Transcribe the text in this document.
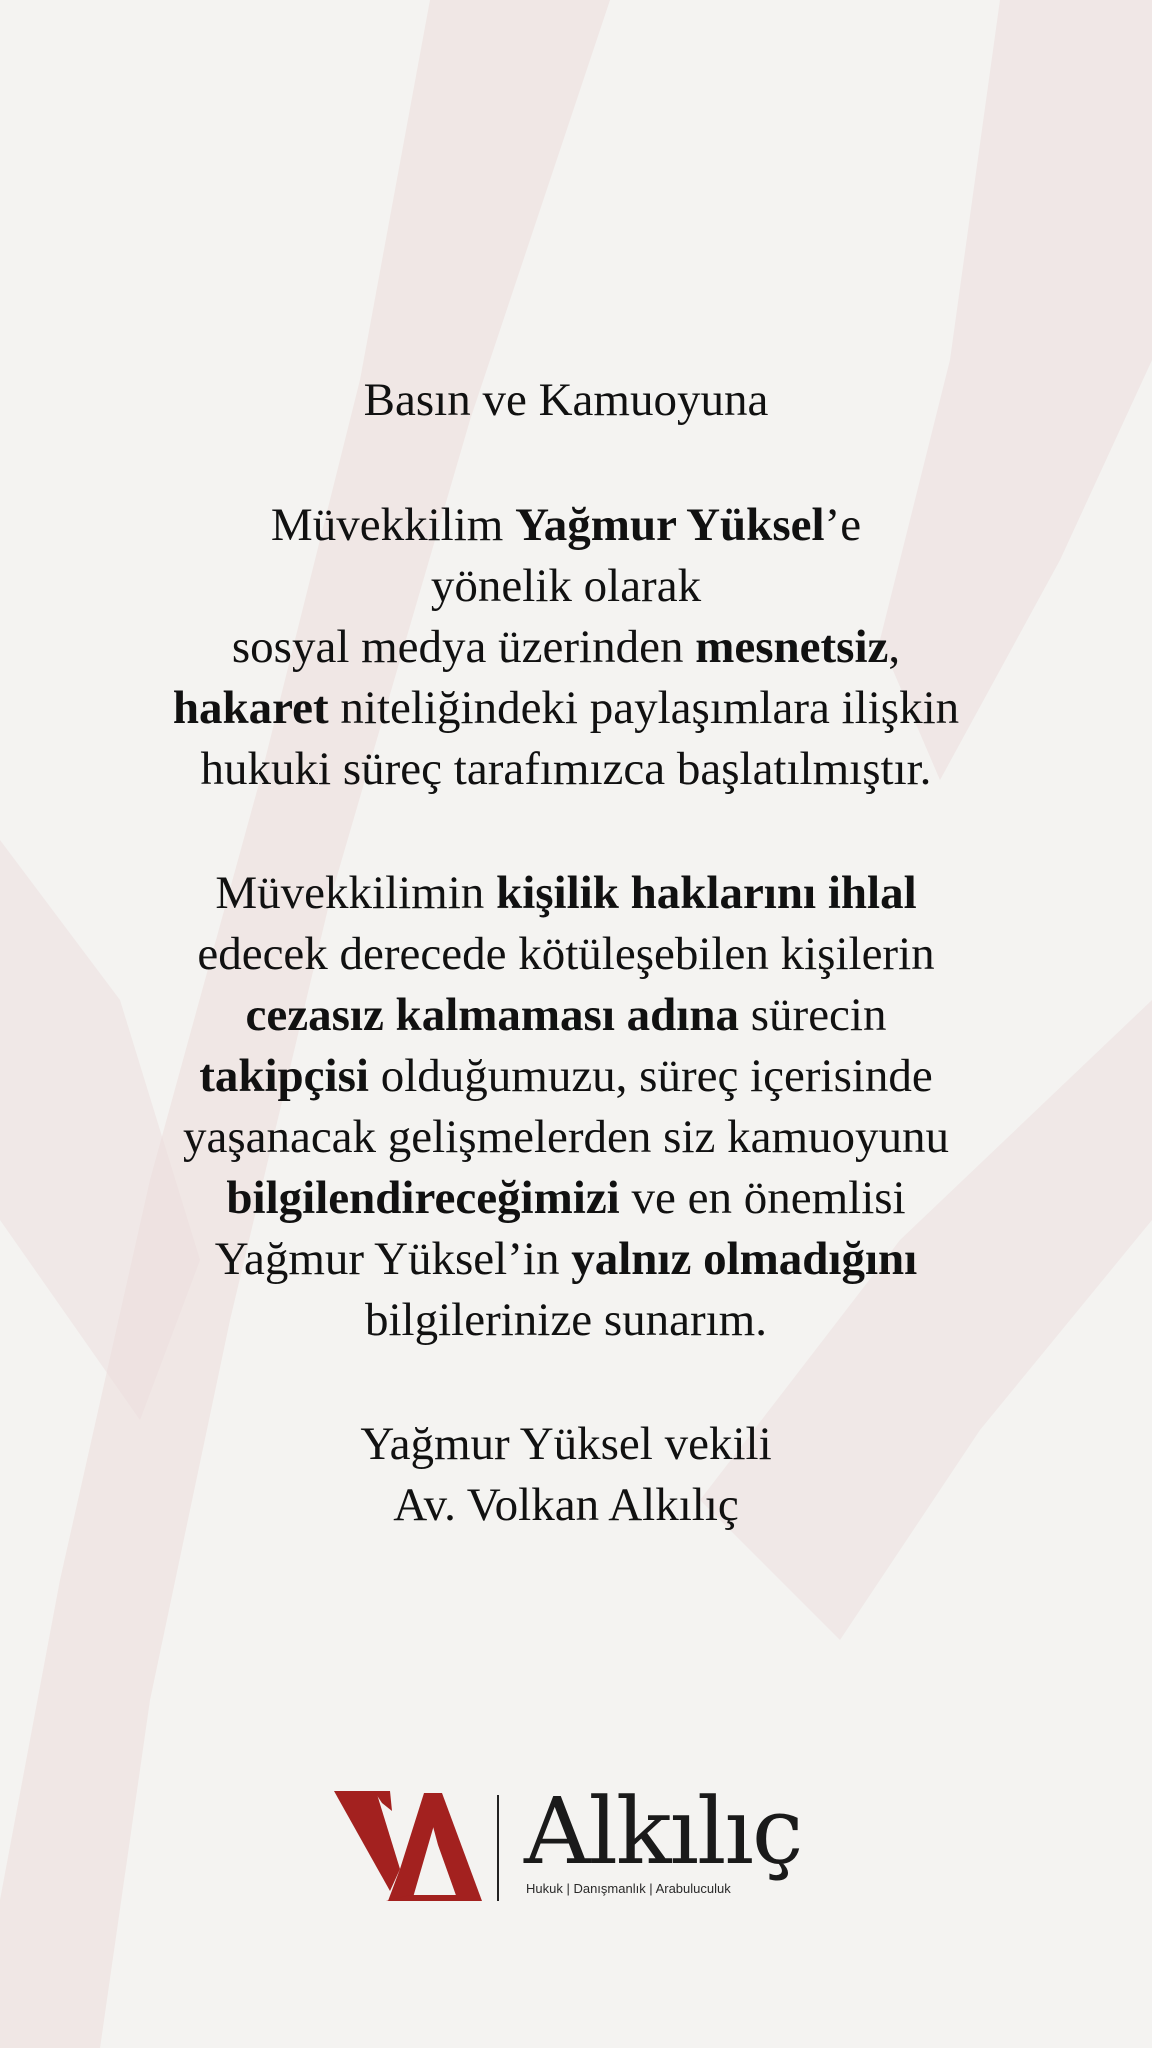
Basın ve Kamuoyuna
Müvekkilim Yağmur Yüksel’e
yönelik olarak
sosyal medya üzerinden mesnetsiz,
hakaret niteliğindeki paylaşımlara ilişkin
hukuki süreç tarafımızca başlatılmıştır.
Müvekkilimin kişilik haklarını ihlal
edecek derecede kötüleşebilen kişilerin
cezasız kalmaması adına sürecin
takipçisi olduğumuzu, süreç içerisinde
yaşanacak gelişmelerden siz kamuoyunu
bilgilendireceğimizi ve en önemlisi
Yağmur Yüksel’in yalnız olmadığını
bilgilerinize sunarım.
Yağmur Yüksel vekili
Av. Volkan Alkılıç
Alkılıç
Hukuk | Danışmanlık | Arabuluculuk
